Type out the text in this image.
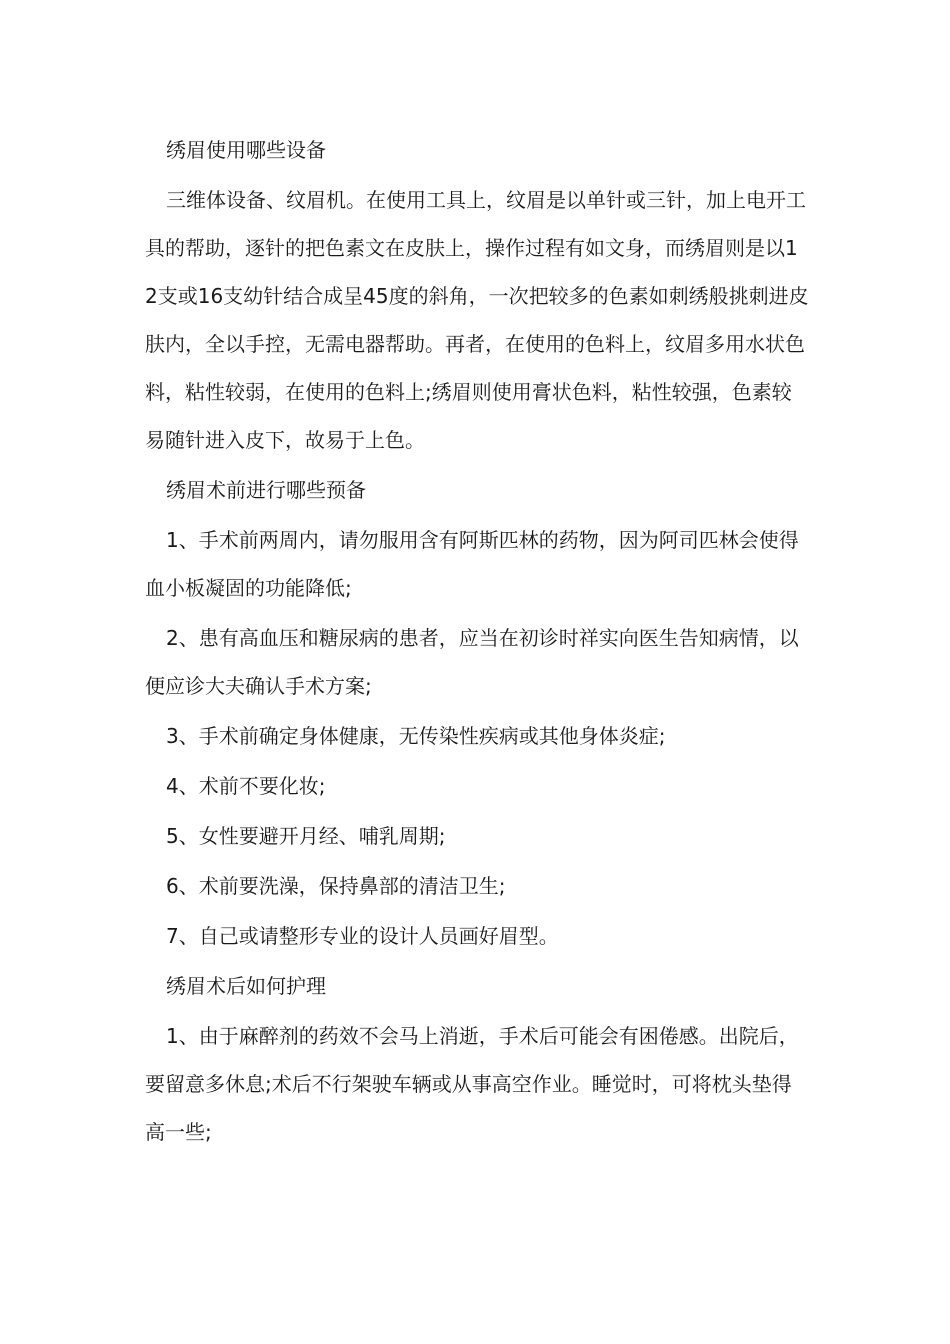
绣眉使用哪些设备

三维体设备、纹眉机。在使用工具上，纹眉是以单针或三针，加上电开工具的帮助，逐针的把色素文在皮肤上，操作过程有如文身，而绣眉则是以12支或16支幼针结合成呈45度的斜角，一次把较多的色素如刺绣般挑刺进皮肤内，全以手控，无需电器帮助。再者，在使用的色料上，纹眉多用水状色料，粘性较弱，在使用的色料上;绣眉则使用膏状色料，粘性较强，色素较易随针进入皮下，故易于上色。

绣眉术前进行哪些预备

1、手术前两周内，请勿服用含有阿斯匹林的药物，因为阿司匹林会使得血小板凝固的功能降低;

2、患有高血压和糖尿病的患者，应当在初诊时祥实向医生告知病情，以便应诊大夫确认手术方案;

3、手术前确定身体健康，无传染性疾病或其他身体炎症;

4、术前不要化妆;

5、女性要避开月经、哺乳周期;

6、术前要洗澡，保持鼻部的清洁卫生;

7、自己或请整形专业的设计人员画好眉型。

绣眉术后如何护理

1、由于麻醉剂的药效不会马上消逝，手术后可能会有困倦感。出院后，要留意多休息;术后不行架驶车辆或从事高空作业。睡觉时，可将枕头垫得高一些;
